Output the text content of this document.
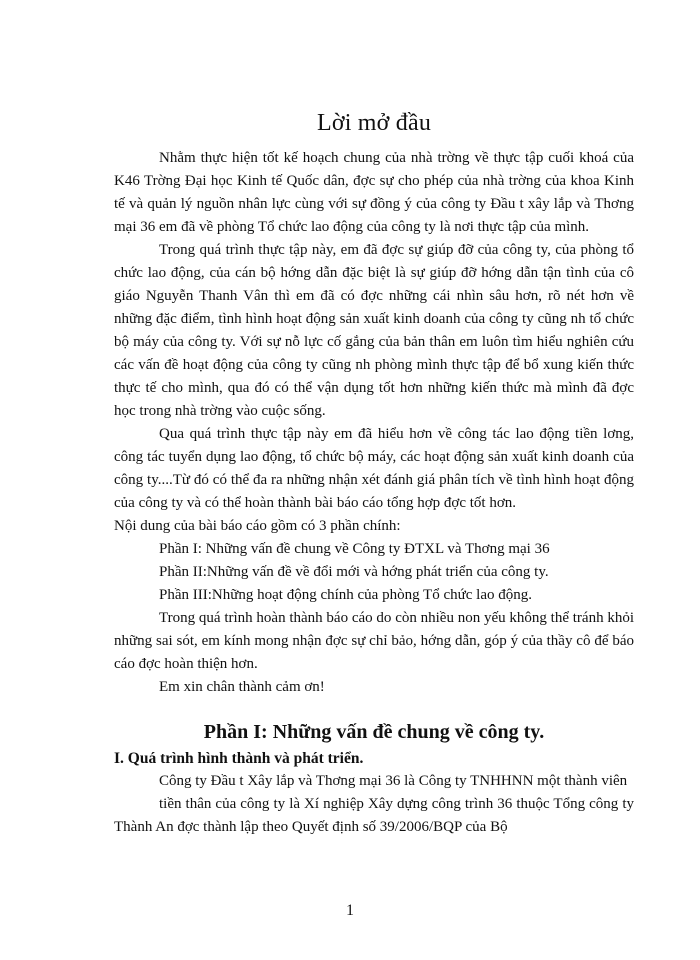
Lời mở đầu

Nhằm thực hiện tốt kế hoạch chung của nhà trờng về thực tập cuối khoá của K46 Trờng Đại học Kinh tế Quốc dân, đợc sự cho phép của nhà trờng của khoa Kinh tế và quản lý nguồn nhân lực cùng với sự đồng ý của công ty Đầu t xây lắp và Thơng mại 36 em đã về phòng Tổ chức lao động của công ty là nơi thực tập của mình.

Trong quá trình thực tập này, em đã đợc sự giúp đỡ của công ty, của phòng tổ chức lao động, của cán bộ hớng dẫn đặc biệt là sự giúp đỡ hớng dẫn tận tình của cô giáo Nguyễn Thanh Vân thì em đã có đợc những cái nhìn sâu hơn, rõ nét hơn về những đặc điểm, tình hình hoạt động sản xuất kinh doanh của công ty cũng nh tổ chức bộ máy của công ty. Với sự nỗ lực cố gắng của bản thân em luôn tìm hiểu nghiên cứu các vấn đề hoạt động của công ty cũng nh phòng mình thực tập để bổ xung kiến thức thực tế cho mình, qua đó có thể vận dụng tốt hơn những kiến thức mà mình đã đợc học trong nhà trờng vào cuộc sống.

Qua quá trình thực tập này em đã hiểu hơn về công tác lao động tiền lơng, công tác tuyển dụng lao động, tổ chức bộ máy, các hoạt động sản xuất kinh doanh của công ty....Từ đó có thể đa ra những nhận xét đánh giá phân tích về tình hình hoạt động của công ty và có thể hoàn thành bài báo cáo tổng hợp đợc tốt hơn.

Nội dung của bài báo cáo gồm có 3 phần chính:

Phần I: Những vấn đề chung về Công ty ĐTXL và Thơng mại 36

Phần II:Những vấn đề về đổi mới và hớng phát triển của công ty.

Phần III:Những hoạt động chính của phòng Tổ chức lao động.

Trong quá trình hoàn thành báo cáo do còn nhiều non yếu không thể tránh khỏi những sai sót, em kính mong nhận đợc sự chỉ bảo, hớng dẫn, góp ý của thầy cô để báo cáo đợc hoàn thiện hơn.

Em xin chân thành cảm ơn!

Phần I: Những vấn đề chung về công ty.
I. Quá trình hình thành và phát triển.

Công ty Đầu t Xây lắp và Thơng mại 36 là Công ty TNHHNN một thành viên

tiền thân của công ty là Xí nghiệp Xây dựng công trình 36 thuộc Tổng công ty Thành An đợc thành lập theo Quyết định số 39/2006/BQP của Bộ

1
